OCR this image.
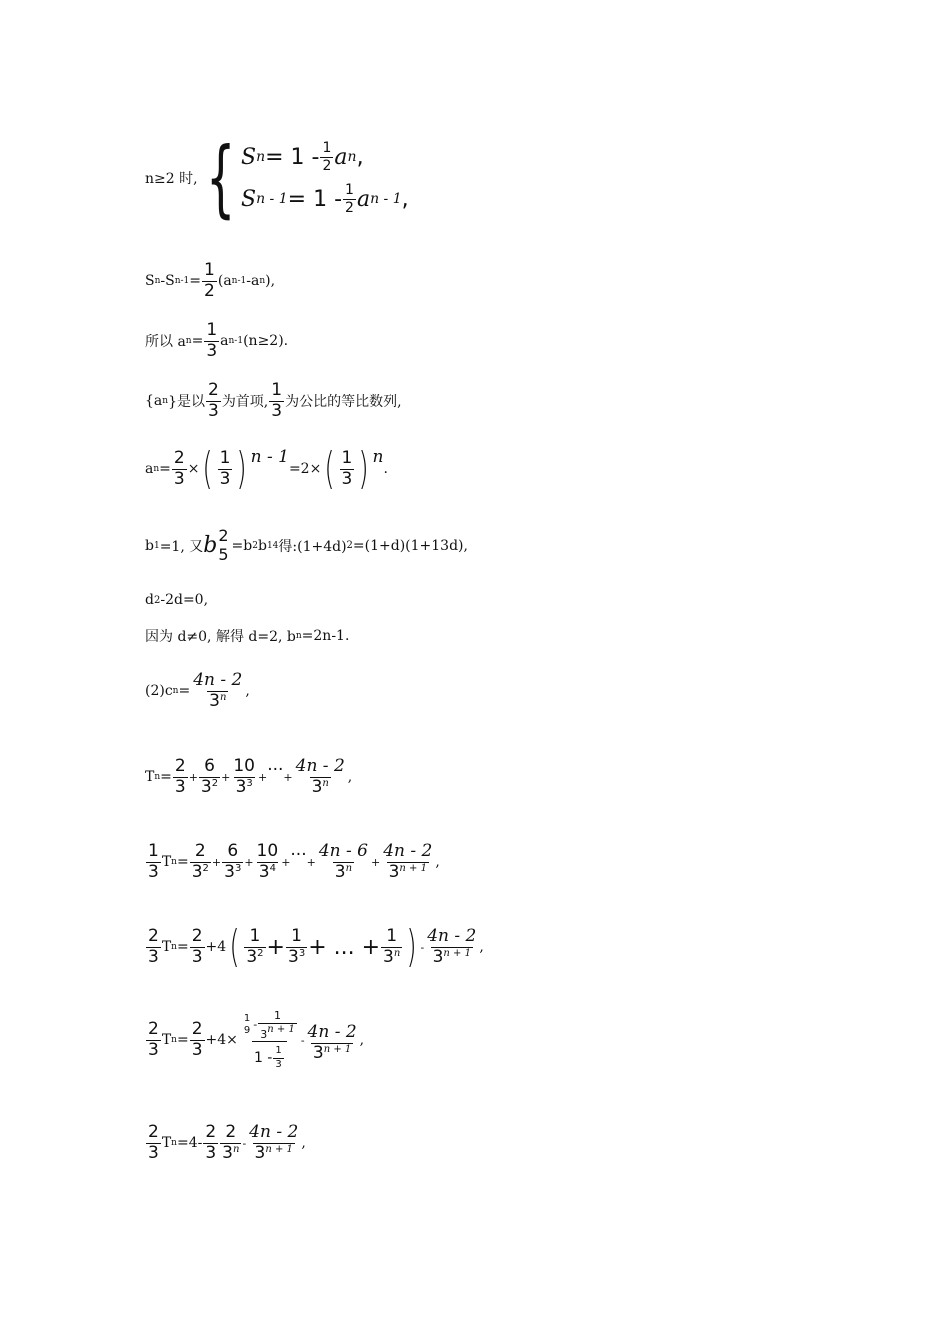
n≥2 时, { S $n = 1 - \frac{1}{2}$ a n ,
S $n - 1 = 1 - \frac{1}{2}$ a n - 1 ,
S n -S $n-1 = \frac{1}{2} (a$ n-1 -a n ),
所以 a $n = \frac{1}{3}$ a n-1 (n≥2).
{a n }是以 $\frac{2}{3}$ 为首项, $\frac{1}{3}$ 为公比的等比数列,
a $n = \frac{2}{3}$ × ( $\frac{1}{3}$ ) n - 1
=2× ( $\frac{1}{3}$ ) n
.
b 1 =1, 又 b 2
5 =b 2 b 14 得:(1+4d) 2 =(1+d)(1+13d),
d 2 -2d=0,
因为 d≠0, 解得 d=2, b n =2n-1.
(2)c $n = \frac{4n - 2}{3^n}$ ,
T $n = \frac{2}{3} + \frac{6}{3^2} + \frac{10}{3^3}$ + ··· + $\frac{4n - 2}{3^n}$ ,
$\frac{1}{3}$ T $n = \frac{2}{3^2} + \frac{6}{3^3} + \frac{10}{3^4}$ + ··· + $\frac{4n - 6}{3^n} + \frac{4n - 2}{3^{n + 1}}$ ,
$\frac{2}{3}$ T $n = \frac{2}{3} +4$ ( $\frac{1}{3^2} + \frac{1}{3^3}$ + ... + $\frac{1}{3^n}$ ) - $\frac{4n - 2}{3^{n + 1}}$ ,
$\frac{2}{3}$ T $n = \frac{2}{3} +4\times 1$
$9 - \frac{1}{3^{n + 1}}$
$1 - \frac{1}{3} - \frac{4n - 2}{3^{n + 1}}$ ,
$\frac{2}{3}$ T $n =4- \frac{2}{3} \frac{2}{3^n} - \frac{4n - 2}{3^{n + 1}}$ ,
